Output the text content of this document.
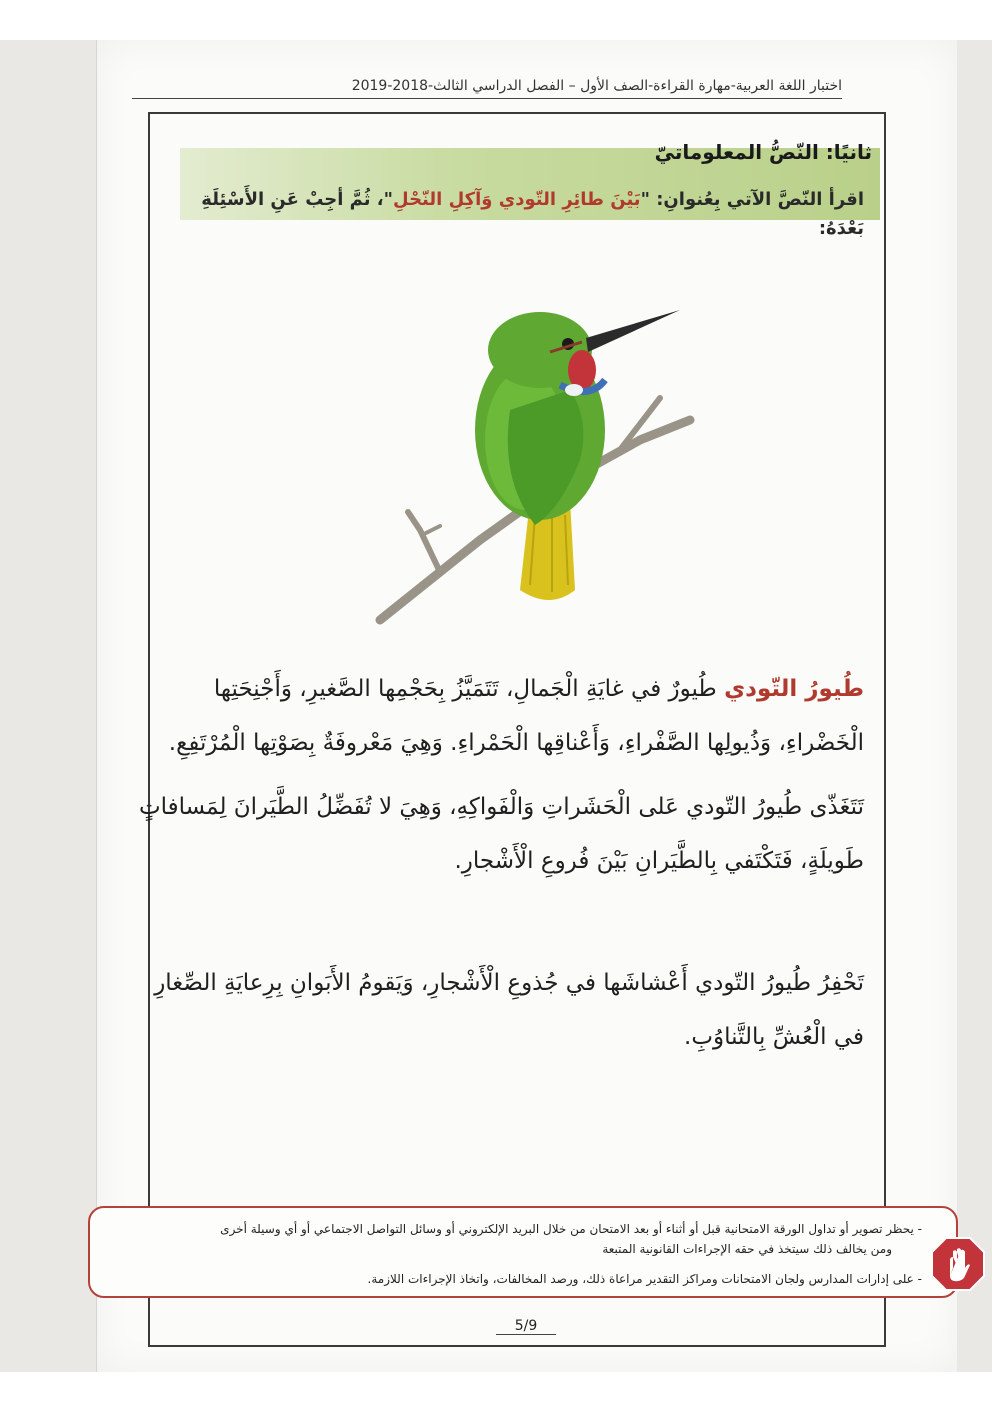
اختبار اللغة العربية-مهارة القراءة-الصف الأول – الفصل الدراسي الثالث-2018-2019
ثانيًا: النّصُّ المعلوماتيّ
اقرأ النّصَّ الآتي بِعُنوانِ: "بَيْنَ طائِرِ التّودي وَآكِلِ النّحْلِ"، ثُمَّ أجِبْ عَنِ الأَسْئِلَةِ بَعْدَهُ:
طُيورُ التّودي طُيورٌ في غايَةِ الْجَمالِ، تَتَمَيَّزُ بِحَجْمِها الصَّغيرِ، وَأَجْنِحَتِها الْخَضْراءِ، وَذُيولِها الصَّفْراءِ، وَأَعْناقِها الْحَمْراءِ. وَهِيَ مَعْروفَةٌ بِصَوْتِها الْمُرْتَفِعِ.
تَتَغَذّى طُيورُ التّودي عَلى الْحَشَراتِ وَالْفَواكِهِ، وَهِيَ لا تُفَضِّلُ الطَّيَرانَ لِمَسافاتٍ طَويلَةٍ، فَتَكْتَفي بِالطَّيَرانِ بَيْنَ فُروعِ الْأَشْجارِ.
تَحْفِرُ طُيورُ التّودي أَعْشاشَها في جُذوعِ الْأَشْجارِ، وَيَقومُ الأَبَوانِ بِرِعايَةِ الصِّغارِ في الْعُشِّ بِالتَّناوُبِ.
- يحظر تصوير أو تداول الورقة الامتحانية قبل أو أثناء أو بعد الامتحان من خلال البريد الإلكتروني أو وسائل التواصل الاجتماعي أو أي وسيلة أخرى
ومن يخالف ذلك سيتخذ في حقه الإجراءات القانونية المتبعة
- على إدارات المدارس ولجان الامتحانات ومراكز التقدير مراعاة ذلك، ورصد المخالفات، واتخاذ الإجراءات اللازمة.
5/9
